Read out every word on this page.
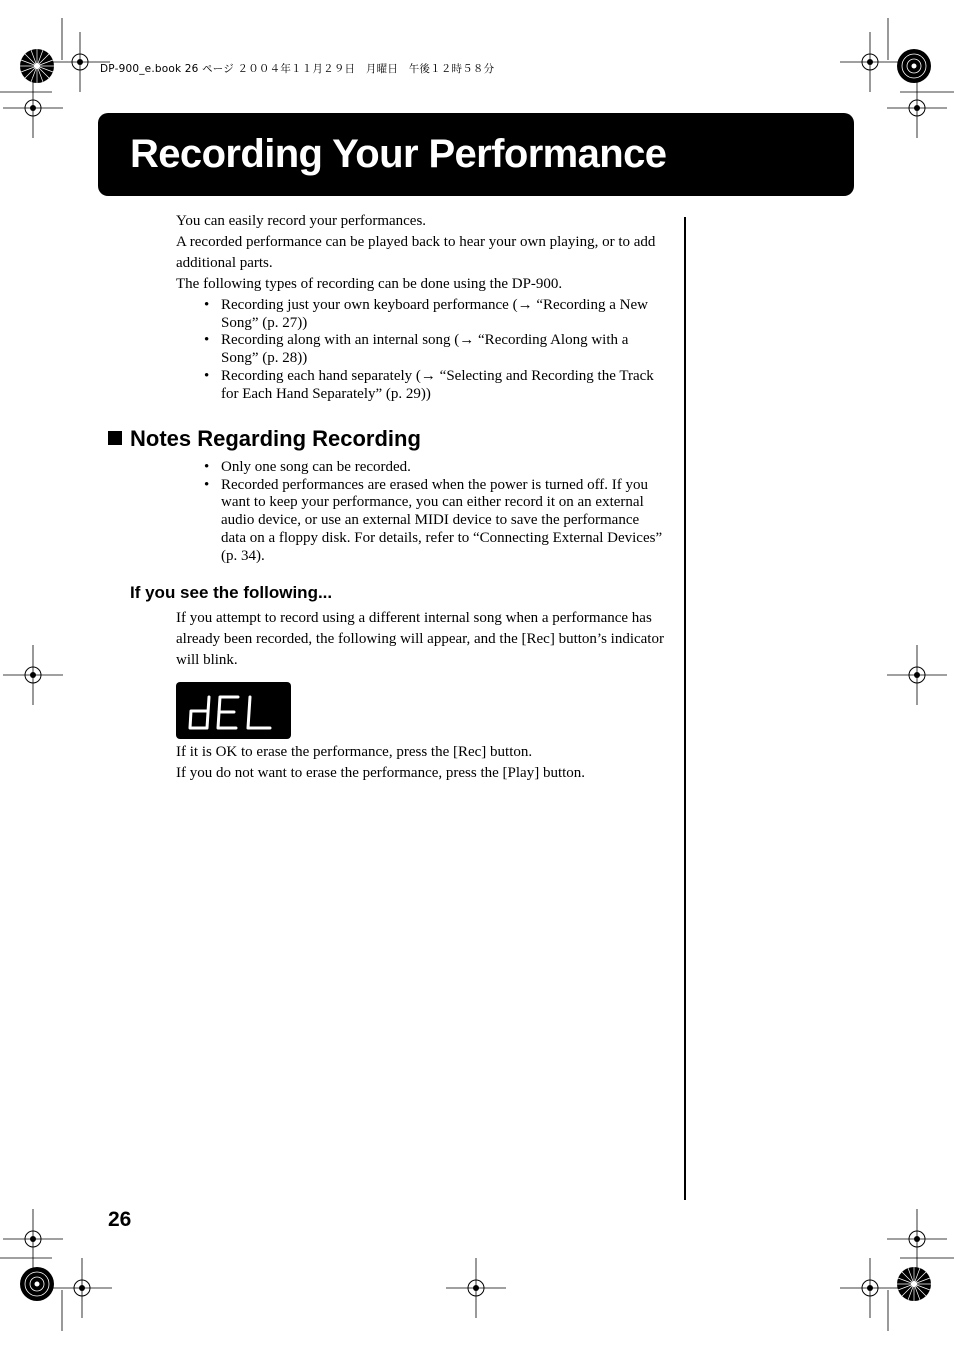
DP-900_e.book 26 ページ ２００４年１１月２９日　月曜日　午後１２時５８分
Recording Your Performance
You can easily record your performances.
A recorded performance can be played back to hear your own playing, or to add additional parts.
The following types of recording can be done using the DP-900.
• Recording just your own keyboard performance (→ “Recording a New Song” (p. 27))
• Recording along with an internal song (→ “Recording Along with a Song” (p. 28))
• Recording each hand separately (→ “Selecting and Recording the Track for Each Hand Separately” (p. 29))
Notes Regarding Recording
• Only one song can be recorded.
• Recorded performances are erased when the power is turned off. If you want to keep your performance, you can either record it on an external audio device, or use an external MIDI device to save the performance data on a floppy disk. For details, refer to “Connecting External Devices” (p. 34).
If you see the following...
If you attempt to record using a different internal song when a performance has already been recorded, the following will appear, and the [Rec] button’s indicator will blink.
If it is OK to erase the performance, press the [Rec] button.
If you do not want to erase the performance, press the [Play] button.
26
